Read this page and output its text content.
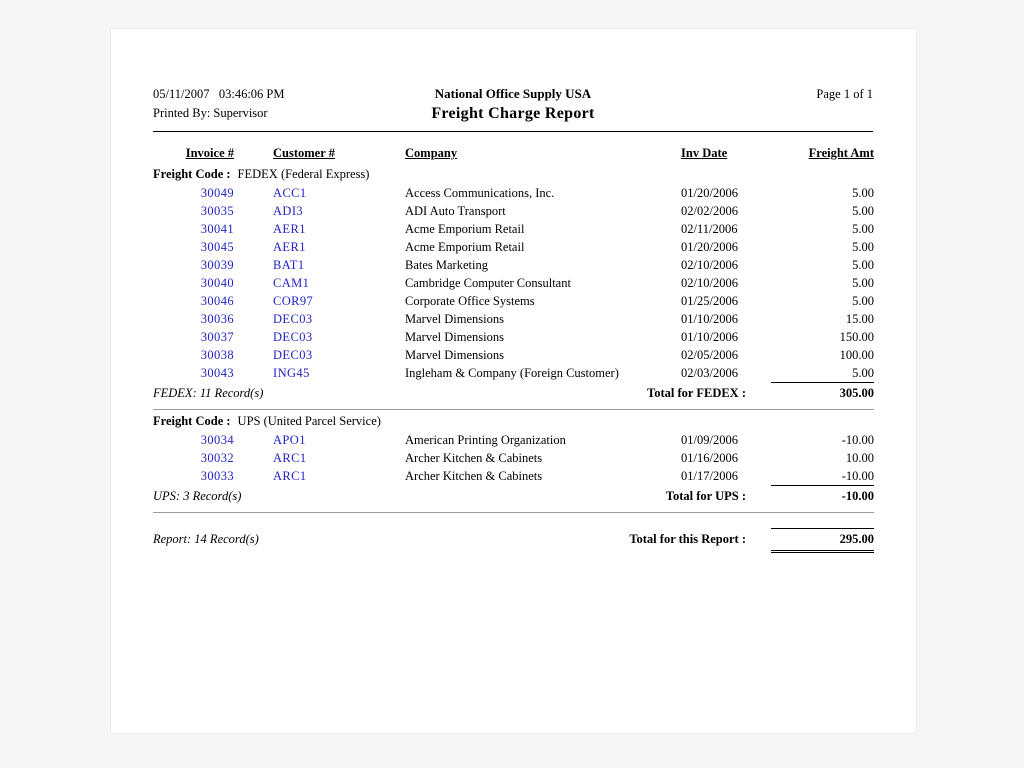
05/11/2007   03:46:06 PM
Printed By: Supervisor
National Office Supply USA
Freight Charge Report
Page 1 of 1
Invoice #	Customer #	Company	Inv Date	Freight Amt
Freight Code : FEDEX (Federal Express)				
30049	ACC1	Access Communications, Inc.	01/20/2006	5.00
30035	ADI3	ADI Auto Transport	02/02/2006	5.00
30041	AER1	Acme Emporium Retail	02/11/2006	5.00
30045	AER1	Acme Emporium Retail	01/20/2006	5.00
30039	BAT1	Bates Marketing	02/10/2006	5.00
30040	CAM1	Cambridge Computer Consultant	02/10/2006	5.00
30046	COR97	Corporate Office Systems	01/25/2006	5.00
30036	DEC03	Marvel Dimensions	01/10/2006	15.00
30037	DEC03	Marvel Dimensions	01/10/2006	150.00
30038	DEC03	Marvel Dimensions	02/05/2006	100.00
30043	ING45	Ingleham & Company (Foreign Customer)	02/03/2006	5.00
FEDEX: 11 Record(s)		Total for FEDEX :		305.00

Freight Code : UPS (United Parcel Service)				
30034	APO1	American Printing Organization	01/09/2006	-10.00
30032	ARC1	Archer Kitchen & Cabinets	01/16/2006	10.00
30033	ARC1	Archer Kitchen & Cabinets	01/17/2006	-10.00
UPS: 3 Record(s)		Total for UPS :		-10.00

Report: 14 Record(s)		Total for this Report :		295.00
